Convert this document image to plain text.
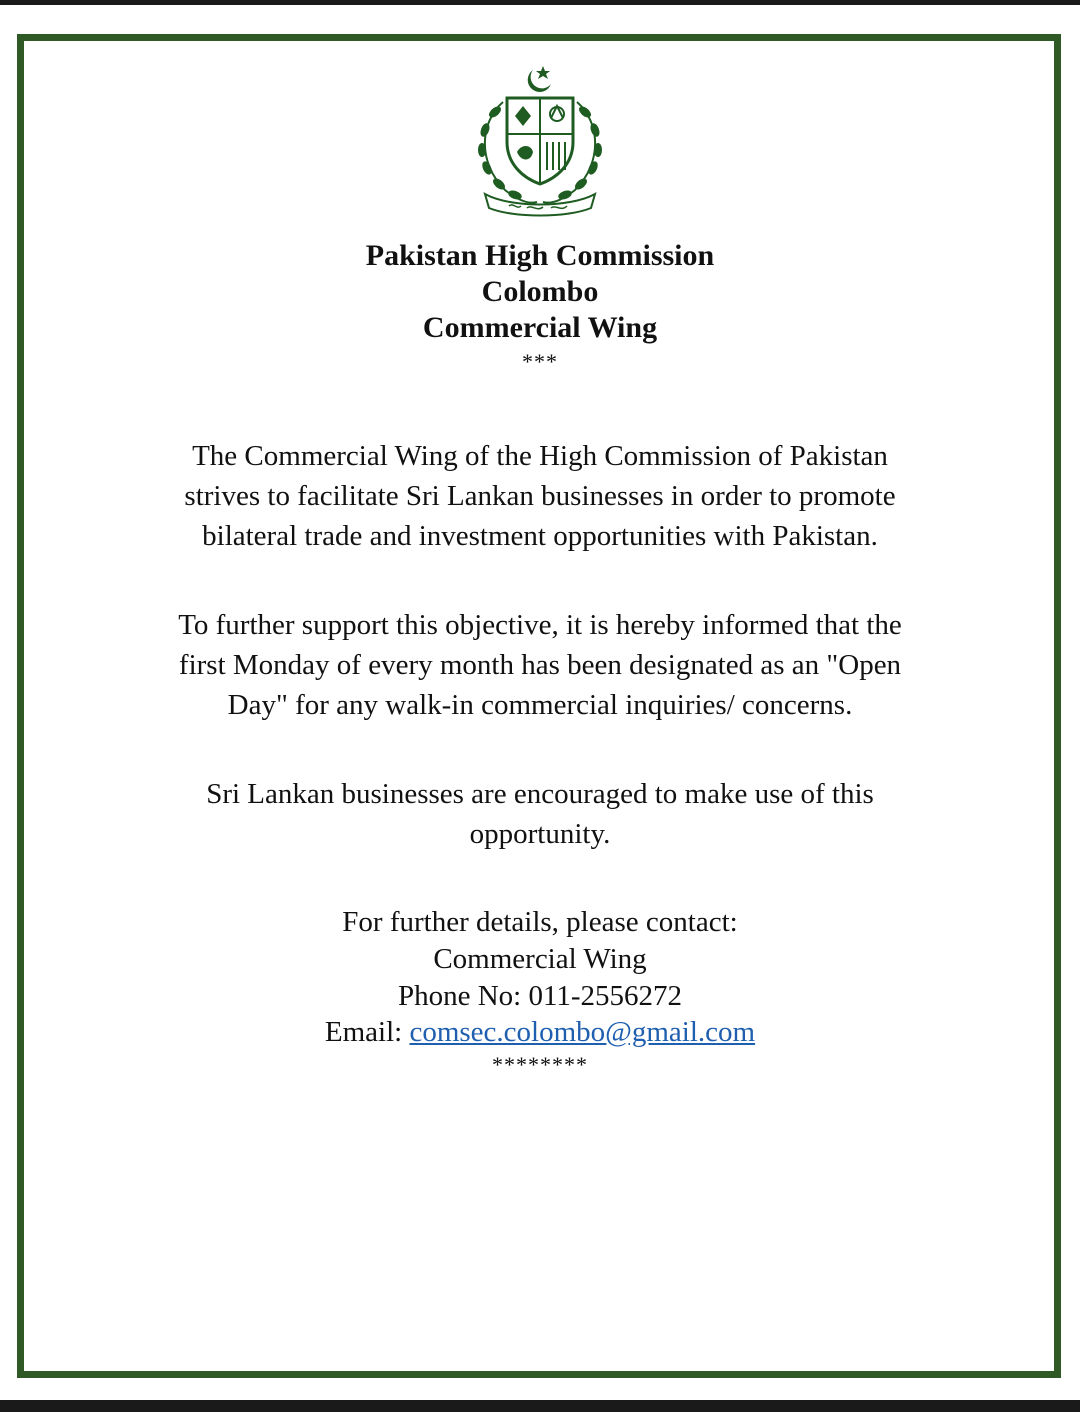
Pakistan High Commission
Colombo
Commercial Wing
***
The Commercial Wing of the High Commission of Pakistan
strives to facilitate Sri Lankan businesses in order to promote
bilateral trade and investment opportunities with Pakistan.
To further support this objective, it is hereby informed that the
first Monday of every month has been designated as an "Open
Day" for any walk-in commercial inquiries/ concerns.
Sri Lankan businesses are encouraged to make use of this
opportunity.
For further details, please contact:
Commercial Wing
Phone No: 011-2556272
Email: comsec.colombo@gmail.com
********
